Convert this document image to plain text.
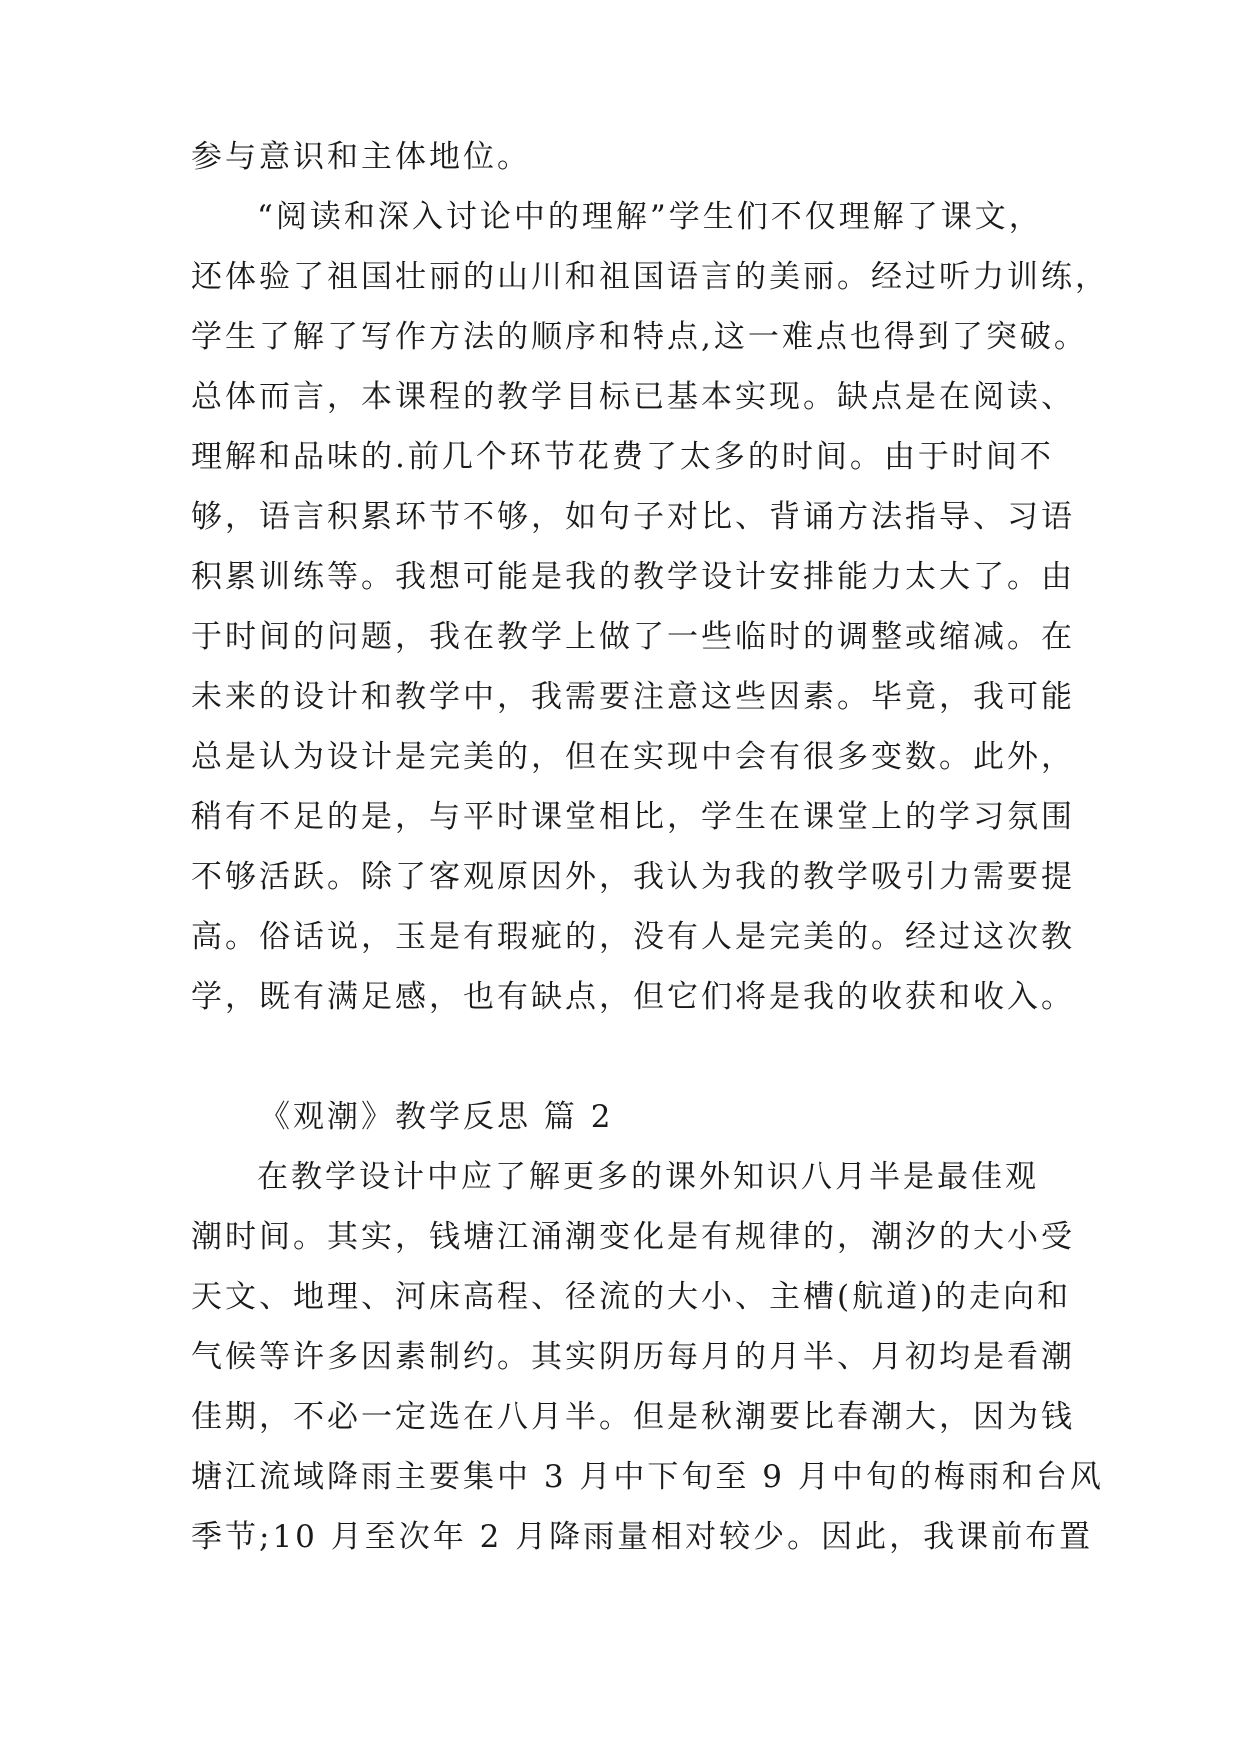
参与意识和主体地位。
“阅读和深入讨论中的理解”学生们不仅理解了课文，
还体验了祖国壮丽的山川和祖国语言的美丽。经过听力训练，
学生了解了写作方法的顺序和特点,这一难点也得到了突破。
总体而言，本课程的教学目标已基本实现。缺点是在阅读、
理解和品味的.前几个环节花费了太多的时间。由于时间不
够，语言积累环节不够，如句子对比、背诵方法指导、习语
积累训练等。我想可能是我的教学设计安排能力太大了。由
于时间的问题，我在教学上做了一些临时的调整或缩减。在
未来的设计和教学中，我需要注意这些因素。毕竟，我可能
总是认为设计是完美的，但在实现中会有很多变数。此外，
稍有不足的是，与平时课堂相比，学生在课堂上的学习氛围
不够活跃。除了客观原因外，我认为我的教学吸引力需要提
高。俗话说，玉是有瑕疵的，没有人是完美的。经过这次教
学，既有满足感，也有缺点，但它们将是我的收获和收入。
《观潮》教学反思 篇 2
在教学设计中应了解更多的课外知识八月半是最佳观
潮时间。其实，钱塘江涌潮变化是有规律的，潮汐的大小受
天文、地理、河床高程、径流的大小、主槽(航道)的走向和
气候等许多因素制约。其实阴历每月的月半、月初均是看潮
佳期，不必一定选在八月半。但是秋潮要比春潮大，因为钱
塘江流域降雨主要集中 3 月中下旬至 9 月中旬的梅雨和台风
季节;10 月至次年 2 月降雨量相对较少。因此，我课前布置
